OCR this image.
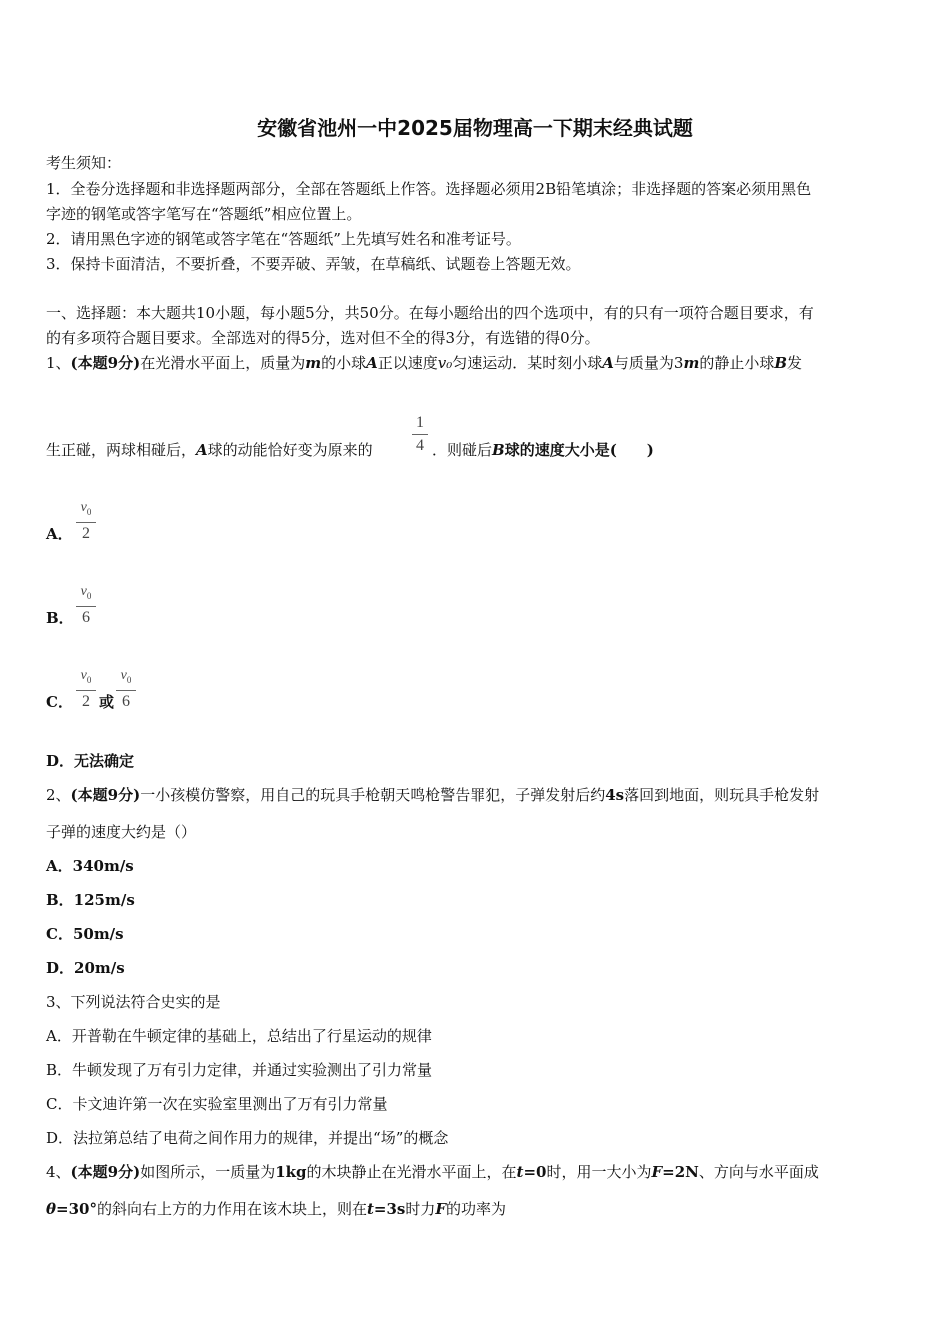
安徽省池州一中2025届物理高一下期末经典试题
考生须知：
1．全卷分选择题和非选择题两部分，全部在答题纸上作答。选择题必须用2B铅笔填涂；非选择题的答案必须用黑色
字迹的钢笔或答字笔写在“答题纸”相应位置上。
2．请用黑色字迹的钢笔或答字笔在“答题纸”上先填写姓名和准考证号。
3．保持卡面清洁，不要折叠，不要弄破、弄皱，在草稿纸、试题卷上答题无效。
一、选择题：本大题共10小题，每小题5分，共50分。在每小题给出的四个选项中，有的只有一项符合题目要求，有
的有多项符合题目要求。全部选对的得5分，选对但不全的得3分，有选错的得0分。
1、(本题9分)在光滑水平面上，质量为m的小球A正以速度v₀匀速运动．某时刻小球A与质量为3m的静止小球B发
生正碰，两球相碰后，A球的动能恰好变为原来的
1
4 ．则碰后B球的速度大小是(　　)
A．
$v_0$
2
B．
$v_0$
6
C．
$v_0$
2 或
$v_0$
6
D．无法确定
2、(本题9分)一小孩模仿警察，用自己的玩具手枪朝天鸣枪警告罪犯，子弹发射后约4s落回到地面，则玩具手枪发射
子弹的速度大约是（）
A．340m/s
B．125m/s
C．50m/s
D．20m/s
3、下列说法符合史实的是
A．开普勒在牛顿定律的基础上，总结出了行星运动的规律
B．牛顿发现了万有引力定律，并通过实验测出了引力常量
C．卡文迪许第一次在实验室里测出了万有引力常量
D．法拉第总结了电荷之间作用力的规律，并提出“场”的概念
4、(本题9分)如图所示，一质量为1kg的木块静止在光滑水平面上，在t=0时，用一大小为F=2N、方向与水平面成
θ=30°的斜向右上方的力作用在该木块上，则在t=3s时力F的功率为
